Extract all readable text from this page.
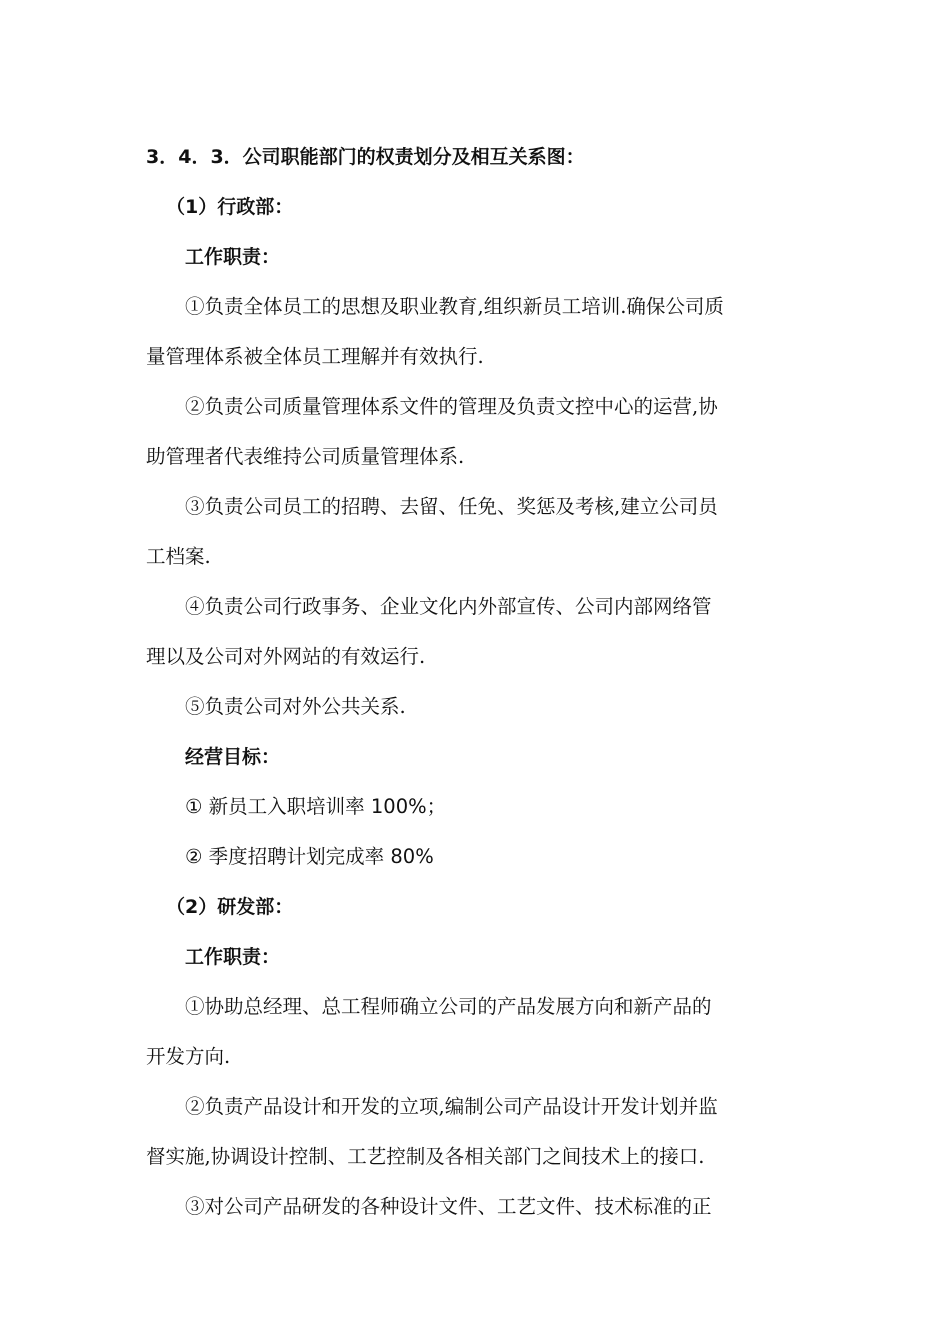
3．4．3．公司职能部门的权责划分及相互关系图：
（1）行政部：
工作职责：
①负责全体员工的思想及职业教育,组织新员工培训.确保公司质
量管理体系被全体员工理解并有效执行.
②负责公司质量管理体系文件的管理及负责文控中心的运营,协
助管理者代表维持公司质量管理体系.
③负责公司员工的招聘、去留、任免、奖惩及考核,建立公司员
工档案.
④负责公司行政事务、企业文化内外部宣传、公司内部网络管
理以及公司对外网站的有效运行.
⑤负责公司对外公共关系.
经营目标：
① 新员工入职培训率 100%；
② 季度招聘计划完成率 80%
（2）研发部：
工作职责：
①协助总经理、总工程师确立公司的产品发展方向和新产品的
开发方向.
②负责产品设计和开发的立项,编制公司产品设计开发计划并监
督实施,协调设计控制、工艺控制及各相关部门之间技术上的接口.
③对公司产品研发的各种设计文件、工艺文件、技术标准的正
